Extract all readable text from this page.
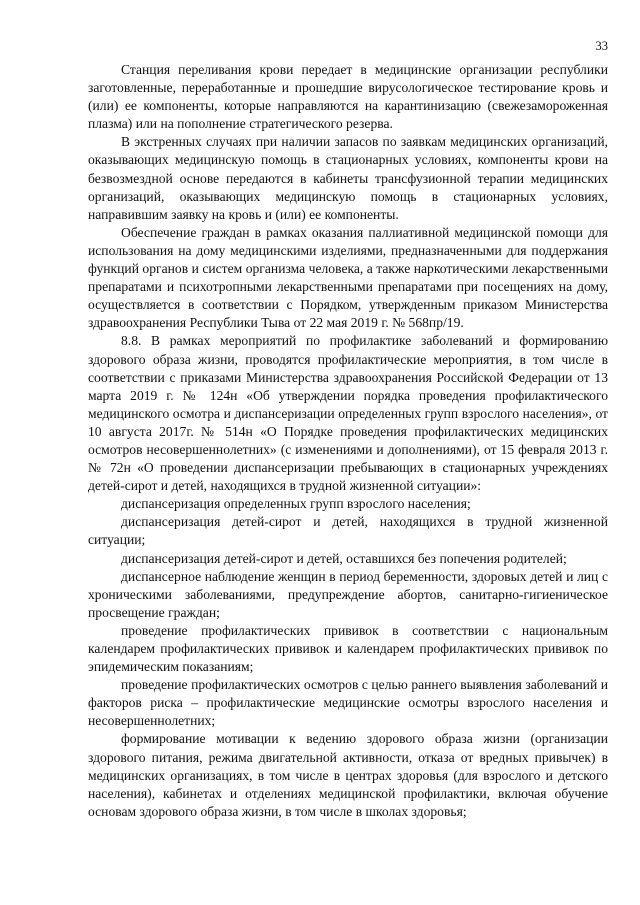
33

Станция переливания крови передает в медицинские организации республики заготовленные, переработанные и прошедшие вирусологическое тестирование кровь и (или) ее компоненты, которые направляются на карантинизацию (свежезамороженная плазма) или на пополнение стратегического резерва.

В экстренных случаях при наличии запасов по заявкам медицинских организаций, оказывающих медицинскую помощь в стационарных условиях, компоненты крови на безвозмездной основе передаются в кабинеты трансфузионной терапии медицинских организаций, оказывающих медицинскую помощь в стационарных условиях, направившим заявку на кровь и (или) ее компоненты.

Обеспечение граждан в рамках оказания паллиативной медицинской помощи для использования на дому медицинскими изделиями, предназначенными для поддержания функций органов и систем организма человека, а также наркотическими лекарственными препаратами и психотропными лекарственными препаратами при посещениях на дому, осуществляется в соответствии с Порядком, утвержденным приказом Министерства здравоохранения Республики Тыва от 22 мая 2019 г. № 568пр/19.

8.8. В рамках мероприятий по профилактике заболеваний и формированию здорового образа жизни, проводятся профилактические мероприятия, в том числе в соответствии с приказами Министерства здравоохранения Российской Федерации от 13 марта 2019 г. № 124н «Об утверждении порядка проведения профилактического медицинского осмотра и диспансеризации определенных групп взрослого населения», от 10 августа 2017г. № 514н «О Порядке проведения профилактических медицинских осмотров несовершеннолетних» (с изменениями и дополнениями), от 15 февраля 2013 г. № 72н «О проведении диспансеризации пребывающих в стационарных учреждениях детей-сирот и детей, находящихся в трудной жизненной ситуации»:

диспансеризация определенных групп взрослого населения;

диспансеризация детей-сирот и детей, находящихся в трудной жизненной ситуации;

диспансеризация детей-сирот и детей, оставшихся без попечения родителей;

диспансерное наблюдение женщин в период беременности, здоровых детей и лиц с хроническими заболеваниями, предупреждение абортов, санитарно-гигиеническое просвещение граждан;

проведение профилактических прививок в соответствии с национальным календарем профилактических прививок и календарем профилактических прививок по эпидемическим показаниям;

проведение профилактических осмотров с целью раннего выявления заболеваний и факторов риска – профилактические медицинские осмотры взрослого населения и несовершеннолетних;

формирование мотивации к ведению здорового образа жизни (организации здорового питания, режима двигательной активности, отказа от вредных привычек) в медицинских организациях, в том числе в центрах здоровья (для взрослого и детского населения), кабинетах и отделениях медицинской профилактики, включая обучение основам здорового образа жизни, в том числе в школах здоровья;
